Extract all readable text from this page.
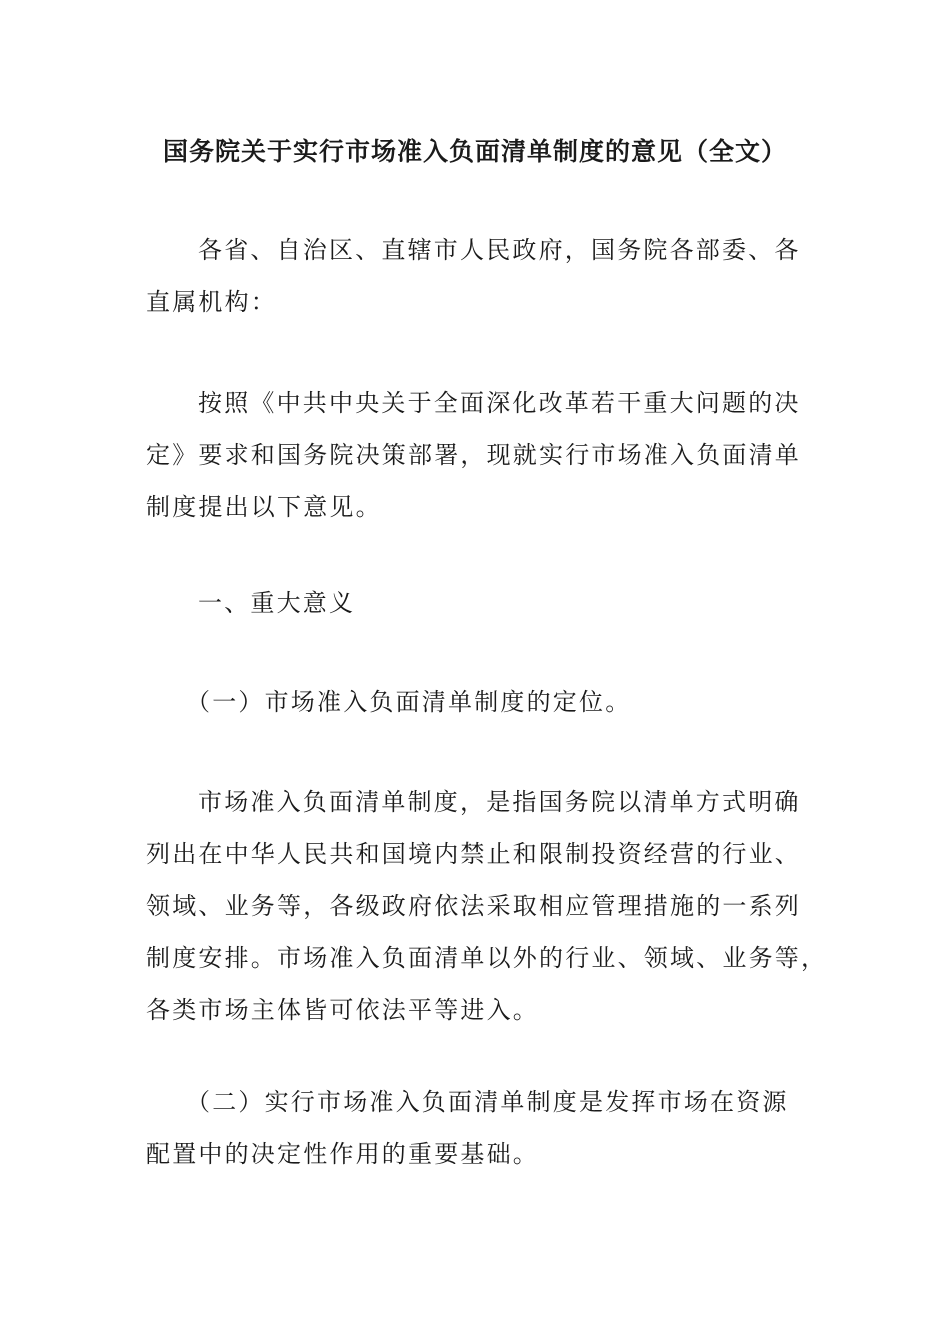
国务院关于实行市场准入负面清单制度的意见（全文）
各省、自治区、直辖市人民政府，国务院各部委、各
直属机构：
按照《中共中央关于全面深化改革若干重大问题的决
定》要求和国务院决策部署，现就实行市场准入负面清单
制度提出以下意见。
一、重大意义
（一）市场准入负面清单制度的定位。
市场准入负面清单制度，是指国务院以清单方式明确
列出在中华人民共和国境内禁止和限制投资经营的行业、
领域、业务等，各级政府依法采取相应管理措施的一系列
制度安排。市场准入负面清单以外的行业、领域、业务等，
各类市场主体皆可依法平等进入。
（二）实行市场准入负面清单制度是发挥市场在资源
配置中的决定性作用的重要基础。
